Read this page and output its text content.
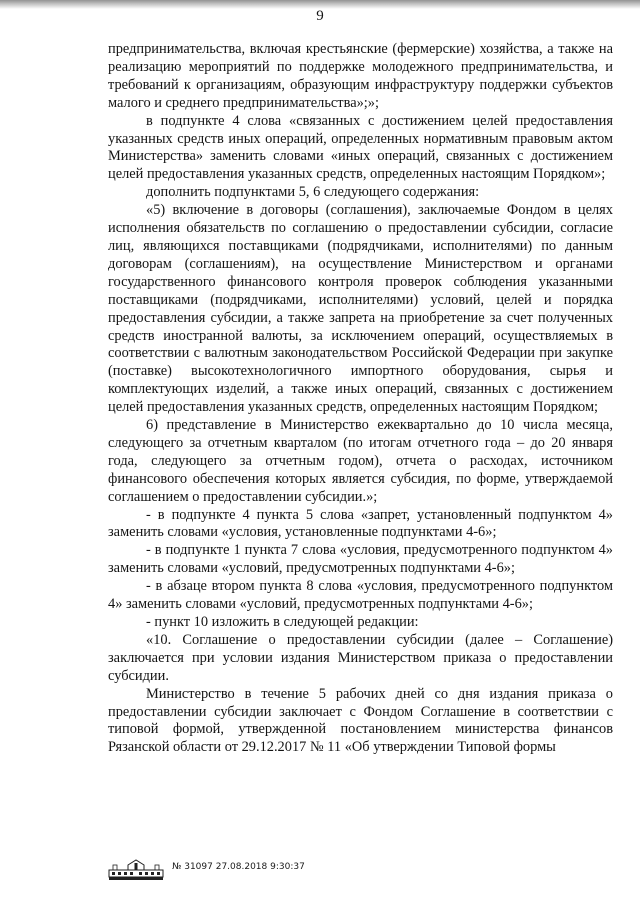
9

предпринимательства, включая крестьянские (фермерские) хозяйства, а также на реализацию мероприятий по поддержке молодежного предпринимательства, и требований к организациям, образующим инфраструктуру поддержки субъектов малого и среднего предпринимательства»;»;

в подпункте 4 слова «связанных с достижением целей предоставления указанных средств иных операций, определенных нормативным правовым актом Министерства» заменить словами «иных операций, связанных с достижением целей предоставления указанных средств, определенных настоящим Порядком»;

дополнить подпунктами 5, 6 следующего содержания:

«5) включение в договоры (соглашения), заключаемые Фондом в целях исполнения обязательств по соглашению о предоставлении субсидии, согласие лиц, являющихся поставщиками (подрядчиками, исполнителями) по данным договорам (соглашениям), на осуществление Министерством и органами государственного финансового контроля проверок соблюдения указанными поставщиками (подрядчиками, исполнителями) условий, целей и порядка предоставления субсидии, а также запрета на приобретение за счет полученных средств иностранной валюты, за исключением операций, осуществляемых в соответствии с валютным законодательством Российской Федерации при закупке (поставке) высокотехнологичного импортного оборудования, сырья и комплектующих изделий, а также иных операций, связанных с достижением целей предоставления указанных средств, определенных настоящим Порядком;

6) представление в Министерство ежеквартально до 10 числа месяца, следующего за отчетным кварталом (по итогам отчетного года – до 20 января года, следующего за отчетным годом), отчета о расходах, источником финансового обеспечения которых является субсидия, по форме, утверждаемой соглашением о предоставлении субсидии.»;

- в подпункте 4 пункта 5 слова «запрет, установленный подпунктом 4» заменить словами «условия, установленные подпунктами 4-6»;

- в подпункте 1 пункта 7 слова «условия, предусмотренного подпунктом 4» заменить словами «условий, предусмотренных подпунктами 4-6»;

- в абзаце втором пункта 8 слова «условия, предусмотренного подпунктом 4» заменить словами «условий, предусмотренных подпунктами 4-6»;

- пункт 10 изложить в следующей редакции:

«10. Соглашение о предоставлении субсидии (далее – Соглашение) заключается при условии издания Министерством приказа о предоставлении субсидии.

Министерство в течение 5 рабочих дней со дня издания приказа о предоставлении субсидии заключает с Фондом Соглашение в соответствии с типовой формой, утвержденной постановлением министерства финансов Рязанской области от 29.12.2017 № 11 «Об утверждении Типовой формы

№ 31097 27.08.2018 9:30:37
